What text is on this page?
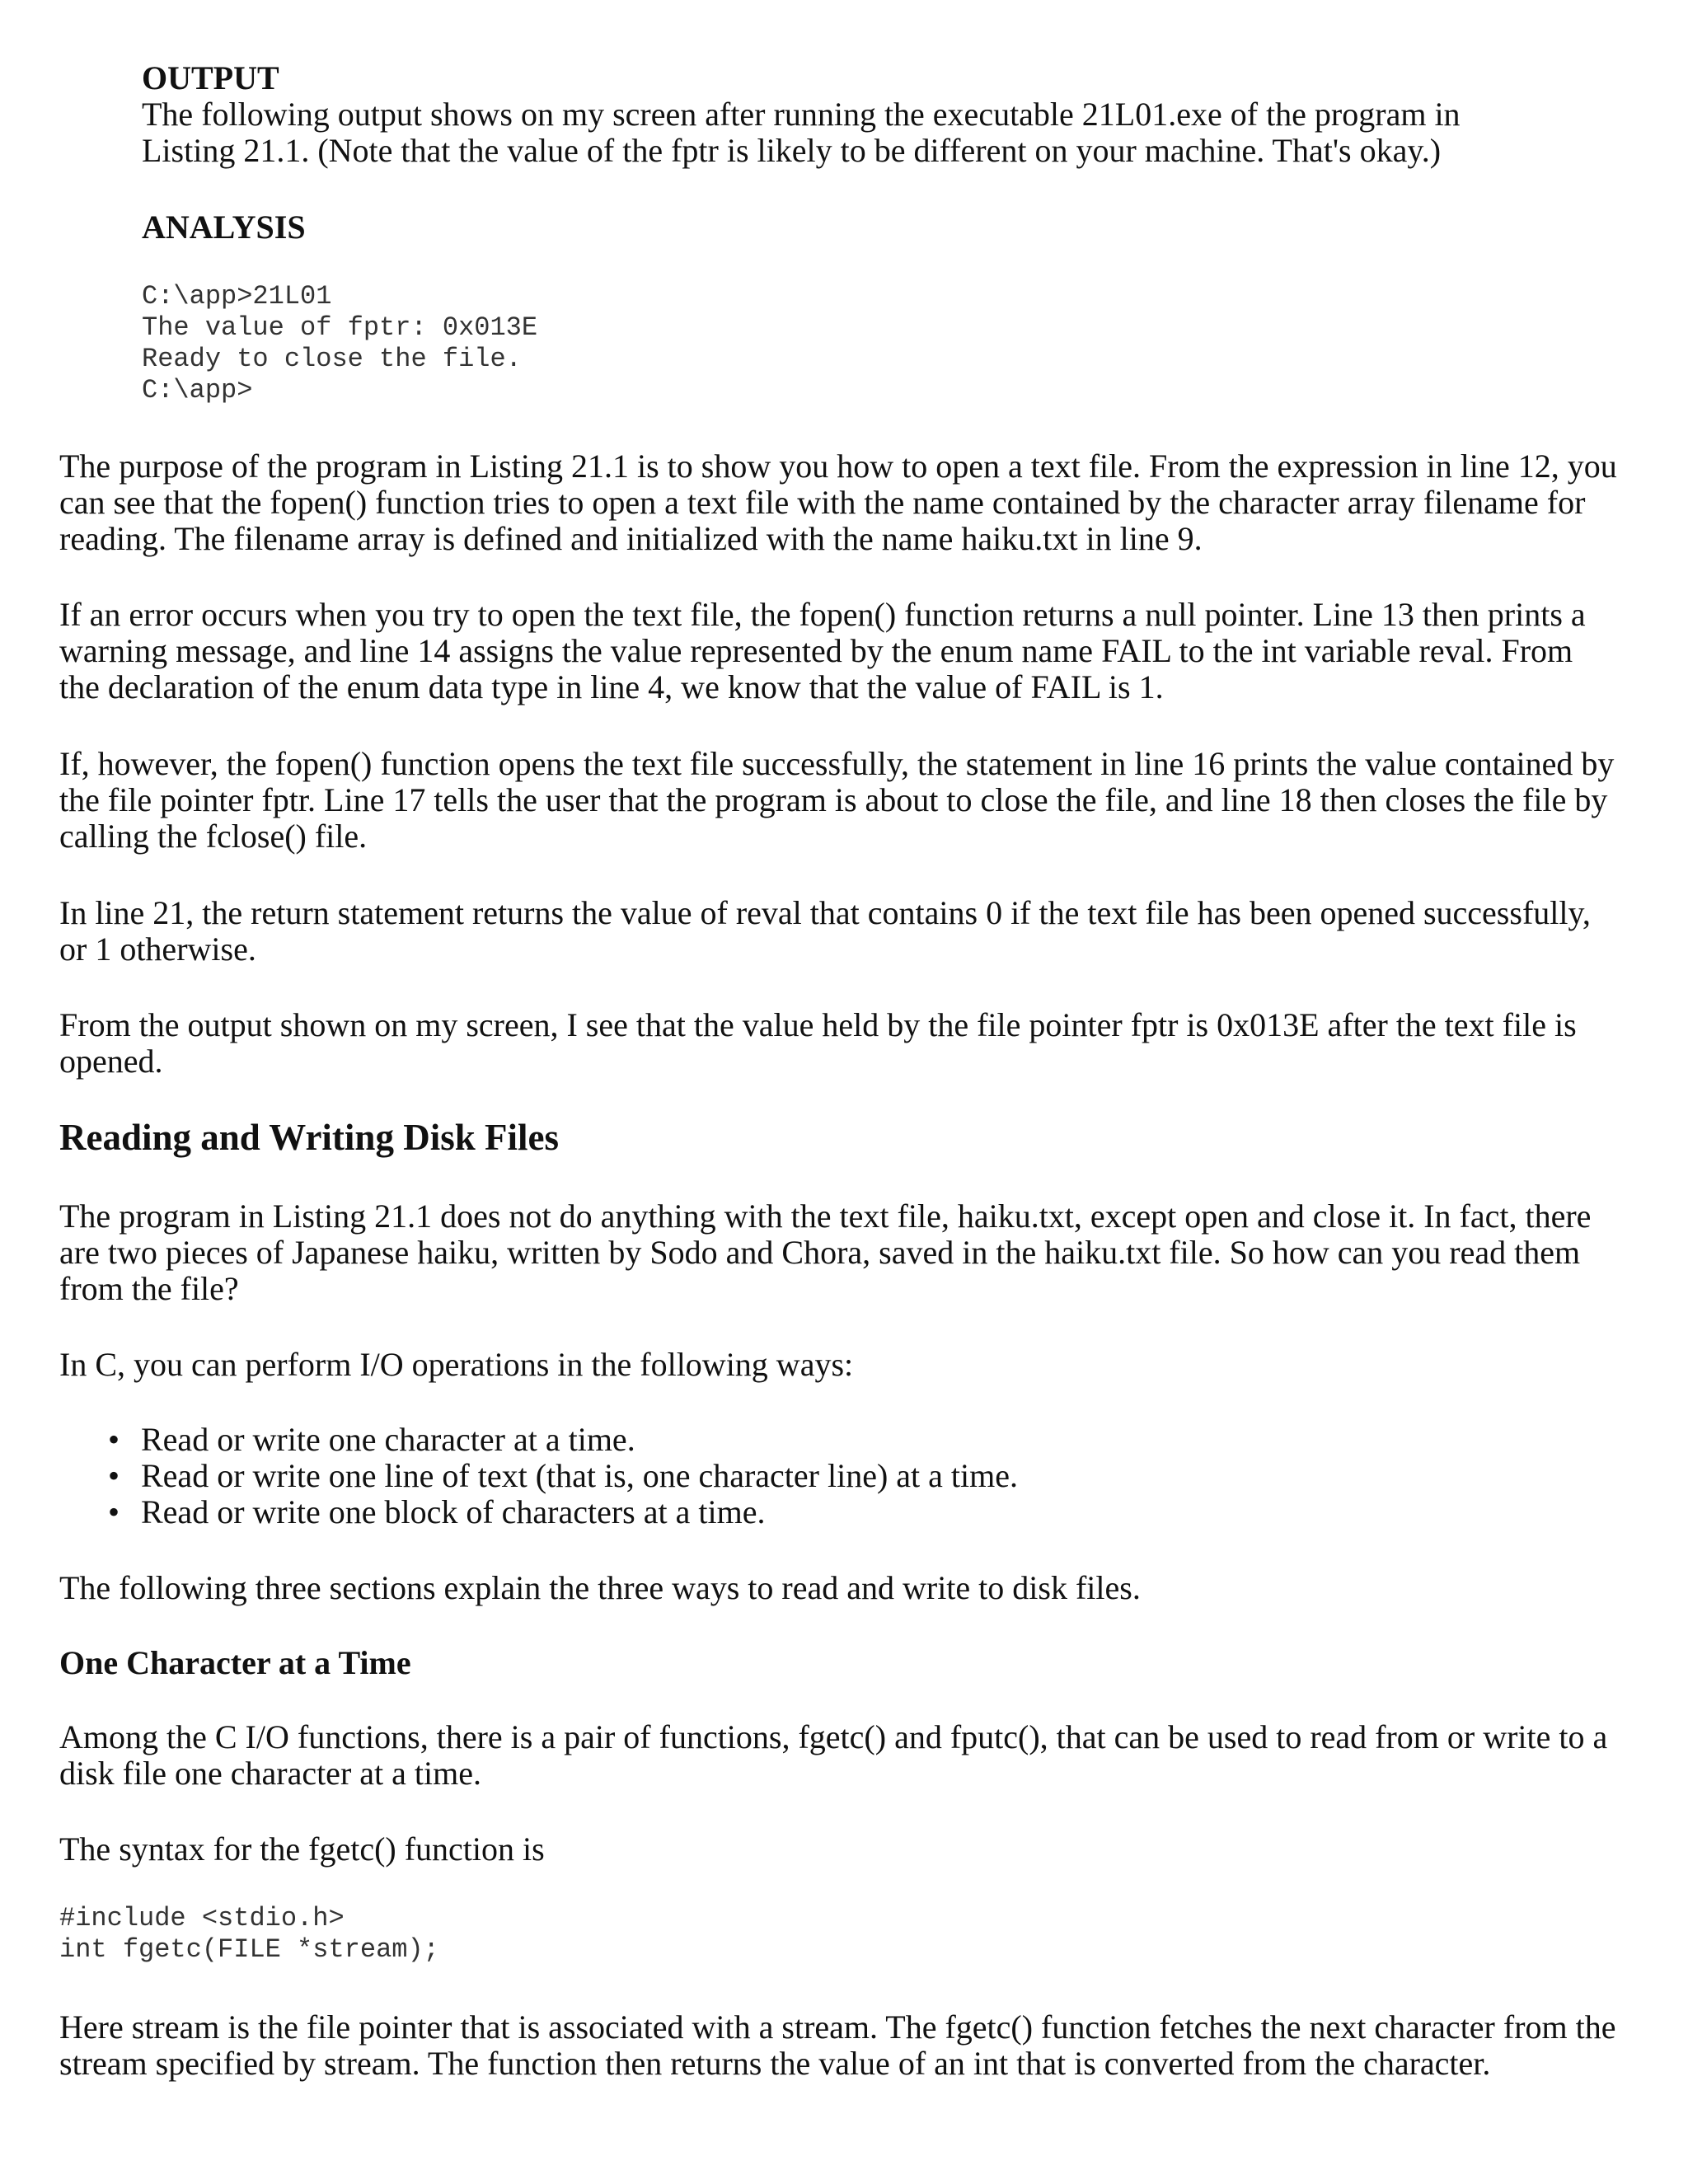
OUTPUT
The following output shows on my screen after running the executable 21L01.exe of the program in
Listing 21.1. (Note that the value of the fptr is likely to be different on your machine. That's okay.)
ANALYSIS
C:\app>21L01
The value of fptr: 0x013E
Ready to close the file.
C:\app>
The purpose of the program in Listing 21.1 is to show you how to open a text file. From the expression in line 12, you
can see that the fopen() function tries to open a text file with the name contained by the character array filename for
reading. The filename array is defined and initialized with the name haiku.txt in line 9.
If an error occurs when you try to open the text file, the fopen() function returns a null pointer. Line 13 then prints a
warning message, and line 14 assigns the value represented by the enum name FAIL to the int variable reval. From
the declaration of the enum data type in line 4, we know that the value of FAIL is 1.
If, however, the fopen() function opens the text file successfully, the statement in line 16 prints the value contained by
the file pointer fptr. Line 17 tells the user that the program is about to close the file, and line 18 then closes the file by
calling the fclose() file.
In line 21, the return statement returns the value of reval that contains 0 if the text file has been opened successfully,
or 1 otherwise.
From the output shown on my screen, I see that the value held by the file pointer fptr is 0x013E after the text file is
opened.
Reading and Writing Disk Files
The program in Listing 21.1 does not do anything with the text file, haiku.txt, except open and close it. In fact, there
are two pieces of Japanese haiku, written by Sodo and Chora, saved in the haiku.txt file. So how can you read them
from the file?
In C, you can perform I/O operations in the following ways:
• Read or write one character at a time.
• Read or write one line of text (that is, one character line) at a time.
• Read or write one block of characters at a time.
The following three sections explain the three ways to read and write to disk files.
One Character at a Time
Among the C I/O functions, there is a pair of functions, fgetc() and fputc(), that can be used to read from or write to a
disk file one character at a time.
The syntax for the fgetc() function is
#include <stdio.h>
int fgetc(FILE *stream);
Here stream is the file pointer that is associated with a stream. The fgetc() function fetches the next character from the
stream specified by stream. The function then returns the value of an int that is converted from the character.
